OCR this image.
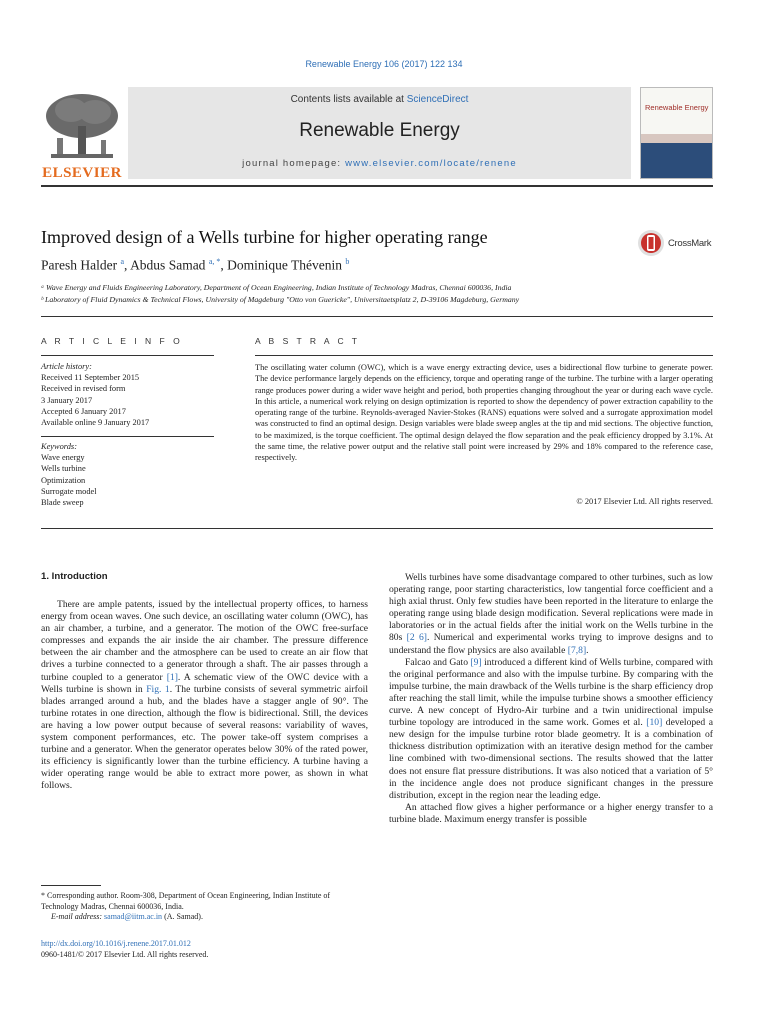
Renewable Energy 106 (2017) 122 134
ELSEVIER
Contents lists available at ScienceDirect
Renewable Energy
journal homepage: www.elsevier.com/locate/renene
Renewable Energy
Improved design of a Wells turbine for higher operating range	CrossMark
Paresh Halder $^a$, Abdus Samad $^{a, *}$, Dominique Thévenin $^b$
ᵃ Wave Energy and Fluids Engineering Laboratory, Department of Ocean Engineering, Indian Institute of Technology Madras, Chennai 600036, India
ᵇ Laboratory of Fluid Dynamics & Technical Flows, University of Magdeburg "Otto von Guericke", Universitaetsplatz 2, D-39106 Magdeburg, Germany
A R T I C L E I N F O	A B S T R A C T
Article history:
Received 11 September 2015
Received in revised form
3 January 2017
Accepted 6 January 2017
Available online 9 January 2017
Keywords:
Wave energy
Wells turbine
Optimization
Surrogate model
Blade sweep
The oscillating water column (OWC), which is a wave energy extracting device, uses a bidirectional flow turbine to generate power. The device performance largely depends on the efficiency, torque and operating range of the turbine. The turbine with a larger operating range produces power during a wider wave height and period, both properties changing throughout the year or during each wave cycle. In this article, a numerical work relying on design optimization is reported to show the dependency of power extraction capability to the operating range of the turbine. Reynolds-averaged Navier-Stokes (RANS) equations were solved and a surrogate approximation model was constructed to find an optimal design. Design variables were blade sweep angles at the tip and mid sections. The objective function, to be maximized, is the torque coefficient. The optimal design delayed the flow separation and the peak efficiency dropped by 3.1%. At the same time, the relative power output and the relative stall point were increased by 29% and 18% compared to the reference case, respectively.
© 2017 Elsevier Ltd. All rights reserved.
1. Introduction

There are ample patents, issued by the intellectual property offices, to harness energy from ocean waves. One such device, an oscillating water column (OWC), has an air chamber, a turbine, and a generator. The motion of the OWC free-surface compresses and expands the air inside the air chamber. The pressure difference between the air chamber and the atmosphere can be used to create an air flow that drives a turbine connected to a generator through a shaft. The air passes through a turbine coupled to a generator [1]. A schematic view of the OWC device with a Wells turbine is shown in Fig. 1. The turbine consists of several symmetric airfoil blades arranged around a hub, and the blades have a stagger angle of 90°. The turbine rotates in one direction, although the flow is bidirectional. Still, the devices are having a low power output because of several reasons: variability of waves, system component performances, etc. The power take-off system comprises a turbine and a generator. When the generator operates below 30% of the rated power, its efficiency is significantly lower than the turbine efficiency. A turbine having a wider operating range would be able to extract more power, as shown in what follows.

Wells turbines have some disadvantage compared to other turbines, such as low operating range, poor starting characteristics, low tangential force coefficient and a high axial thrust. Only few studies have been reported in the literature to enlarge the operating range using blade design modification. Several replications were made in laboratories or in the actual fields after the initial work on the Wells turbine in the 80s [2 6]. Numerical and experimental works trying to improve designs and to understand the flow physics are also available [7,8].

Falcao and Gato [9] introduced a different kind of Wells turbine, compared with the original performance and also with the impulse turbine. By comparing with the impulse turbine, the main drawback of the Wells turbine is the sharp efficiency drop after reaching the stall limit, while the impulse turbine shows a smoother efficiency curve. A new concept of Hydro-Air turbine and a twin unidirectional impulse turbine topology are introduced in the same work. Gomes et al. [10] developed a new design for the impulse turbine rotor blade geometry. It is a combination of thickness distribution optimization with an iterative design method for the camber line combined with two-dimensional sections. The results showed that the latter does not ensure flat pressure distributions. It was also noticed that a variation of 5° in the incidence angle does not produce significant changes in the pressure distribution, except in the region near the leading edge.

An attached flow gives a higher performance or a higher energy transfer to a turbine blade. Maximum energy transfer is possible

* Corresponding author. Room-308, Department of Ocean Engineering, Indian Institute of Technology Madras, Chennai 600036, India.
E-mail address: samad@iitm.ac.in (A. Samad).
http://dx.doi.org/10.1016/j.renene.2017.01.012
0960-1481/© 2017 Elsevier Ltd. All rights reserved.
